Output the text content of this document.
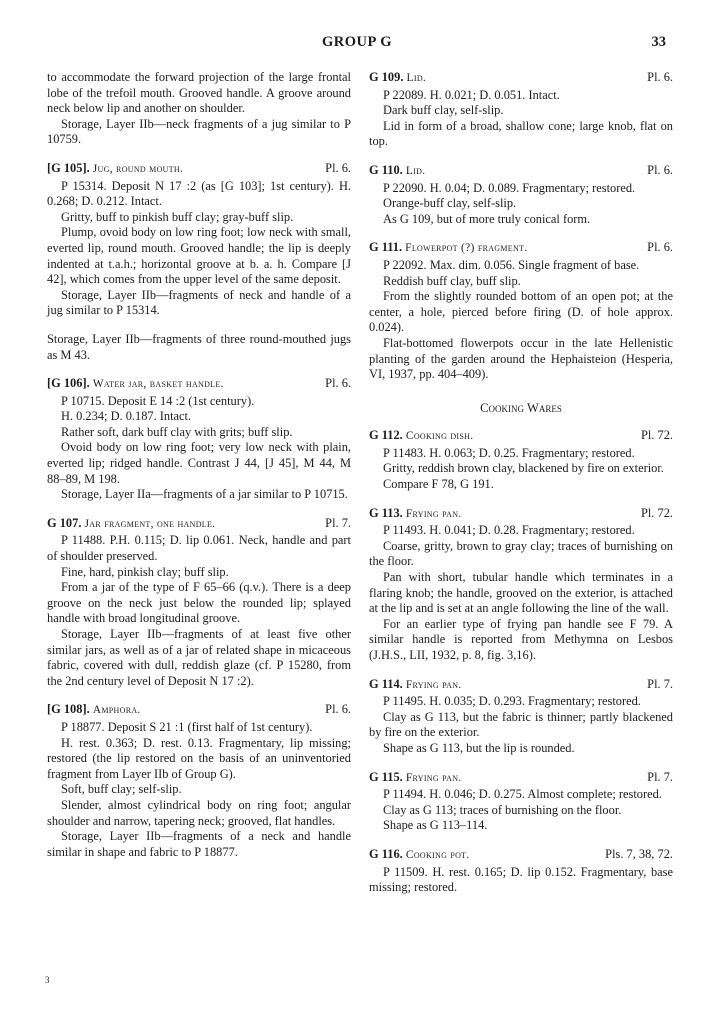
GROUP G	33

to accommodate the forward projection of the large frontal lobe of the trefoil mouth. Grooved handle. A groove around neck below lip and another on shoulder.

Storage, Layer IIb—neck fragments of a jug similar to P 10759.

[G 105]. Jug, round mouth.	Pl. 6.

P 15314. Deposit N 17 :2 (as [G 103]; 1st century). H. 0.268; D. 0.212. Intact.

Gritty, buff to pinkish buff clay; gray-buff slip.

Plump, ovoid body on low ring foot; low neck with small, everted lip, round mouth. Grooved handle; the lip is deeply indented at t.a.h.; horizontal groove at b. a. h. Compare [J 42], which comes from the upper level of the same deposit.

Storage, Layer IIb—fragments of neck and handle of a jug similar to P 15314.

Storage, Layer IIb—fragments of three round-mouthed jugs as M 43.

[G 106]. Water jar, basket handle.	Pl. 6.

P 10715. Deposit E 14 :2 (1st century).

H. 0.234; D. 0.187. Intact.

Rather soft, dark buff clay with grits; buff slip.

Ovoid body on low ring foot; very low neck with plain, everted lip; ridged handle. Contrast J 44, [J 45], M 44, M 88–89, M 198.

Storage, Layer IIa—fragments of a jar similar to P 10715.

G 107. Jar fragment, one handle.	Pl. 7.

P 11488. P.H. 0.115; D. lip 0.061. Neck, handle and part of shoulder preserved.

Fine, hard, pinkish clay; buff slip.

From a jar of the type of F 65–66 (q.v.). There is a deep groove on the neck just below the rounded lip; splayed handle with broad longitudinal groove.

Storage, Layer IIb—fragments of at least five other similar jars, as well as of a jar of related shape in micaceous fabric, covered with dull, reddish glaze (cf. P 15280, from the 2nd century level of Deposit N 17 :2).

[G 108]. Amphora.	Pl. 6.

P 18877. Deposit S 21 :1 (first half of 1st century).

H. rest. 0.363; D. rest. 0.13. Fragmentary, lip missing; restored (the lip restored on the basis of an uninventoried fragment from Layer IIb of Group G).

Soft, buff clay; self-slip.

Slender, almost cylindrical body on ring foot; angular shoulder and narrow, tapering neck; grooved, flat handles.

Storage, Layer IIb—fragments of a neck and handle similar in shape and fabric to P 18877.

G 109. Lid.	Pl. 6.

P 22089. H. 0.021; D. 0.051. Intact.

Dark buff clay, self-slip.

Lid in form of a broad, shallow cone; large knob, flat on top.

G 110. Lid.	Pl. 6.

P 22090. H. 0.04; D. 0.089. Fragmentary; restored.

Orange-buff clay, self-slip.

As G 109, but of more truly conical form.

G 111. Flowerpot (?) fragment.	Pl. 6.

P 22092. Max. dim. 0.056. Single fragment of base.

Reddish buff clay, buff slip.

From the slightly rounded bottom of an open pot; at the center, a hole, pierced before firing (D. of hole approx. 0.024).

Flat-bottomed flowerpots occur in the late Hellenistic planting of the garden around the Hephaisteion (Hesperia, VI, 1937, pp. 404–409).

Cooking Wares
G 112. Cooking dish.	Pl. 72.

P 11483. H. 0.063; D. 0.25. Fragmentary; restored.

Gritty, reddish brown clay, blackened by fire on exterior.

Compare F 78, G 191.

G 113. Frying pan.	Pl. 72.

P 11493. H. 0.041; D. 0.28. Fragmentary; restored.

Coarse, gritty, brown to gray clay; traces of burnishing on the floor.

Pan with short, tubular handle which terminates in a flaring knob; the handle, grooved on the exterior, is attached at the lip and is set at an angle following the line of the wall.

For an earlier type of frying pan handle see F 79. A similar handle is reported from Methymna on Lesbos (J.H.S., LII, 1932, p. 8, fig. 3,16).

G 114. Frying pan.	Pl. 7.

P 11495. H. 0.035; D. 0.293. Fragmentary; restored.

Clay as G 113, but the fabric is thinner; partly blackened by fire on the exterior.

Shape as G 113, but the lip is rounded.

G 115. Frying pan.	Pl. 7.

P 11494. H. 0.046; D. 0.275. Almost complete; restored.

Clay as G 113; traces of burnishing on the floor.

Shape as G 113–114.

G 116. Cooking pot.	Pls. 7, 38, 72.

P 11509. H. rest. 0.165; D. lip 0.152. Fragmentary, base missing; restored.

3
